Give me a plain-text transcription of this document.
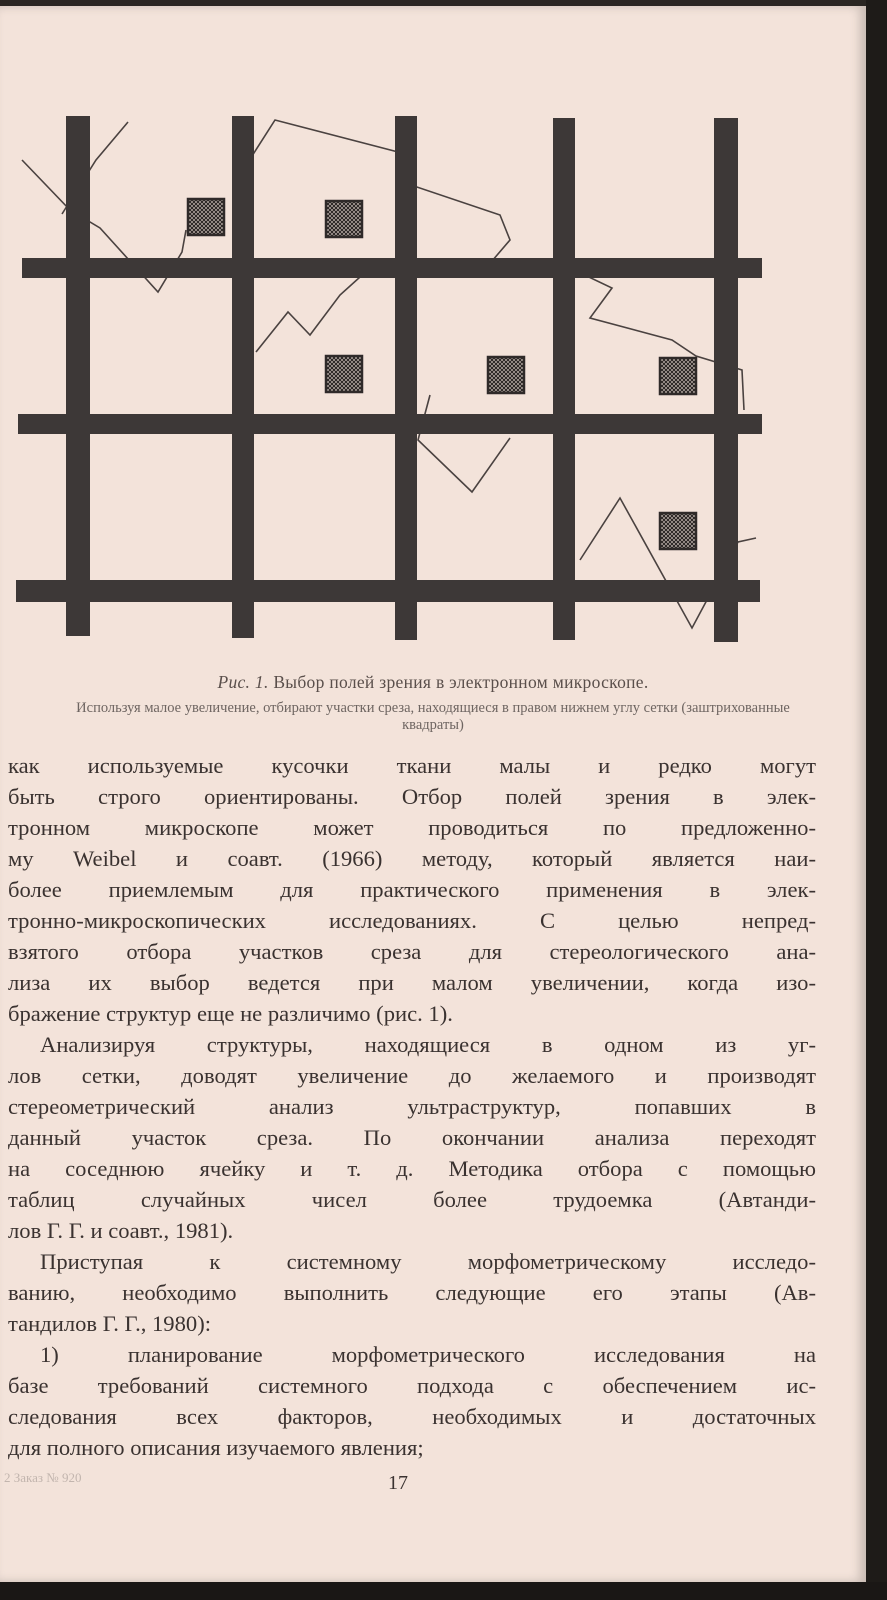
Рис. 1. Выбор полей зрения в электронном микроскопе.
Используя малое увеличение, отбирают участки среза, находящиеся в правом нижнем углу сетки (заштрихованные квадраты)
как используемые кусочки ткани малы и редко могут
быть строго ориентированы. Отбор полей зрения в элек-
тронном микроскопе может проводиться по предложенно-
му Weibel и соавт. (1966) методу, который является наи-
более приемлемым для практического применения в элек-
тронно-микроскопических исследованиях. С целью непред-
взятого отбора участков среза для стереологического ана-
лиза их выбор ведется при малом увеличении, когда изо-
бражение структур еще не различимо (рис. 1).
Анализируя структуры, находящиеся в одном из уг-
лов сетки, доводят увеличение до желаемого и производят
стереометрический анализ ультраструктур, попавших в
данный участок среза. По окончании анализа переходят
на соседнюю ячейку и т. д. Методика отбора с помощью
таблиц случайных чисел более трудоемка (Автанди-
лов Г. Г. и соавт., 1981).
Приступая к системному морфометрическому исследо-
ванию, необходимо выполнить следующие его этапы (Ав-
тандилов Г. Г., 1980):
1) планирование морфометрического исследования на
базе требований системного подхода с обеспечением ис-
следования всех факторов, необходимых и достаточных
для полного описания изучаемого явления;
2 Заказ № 920	17
